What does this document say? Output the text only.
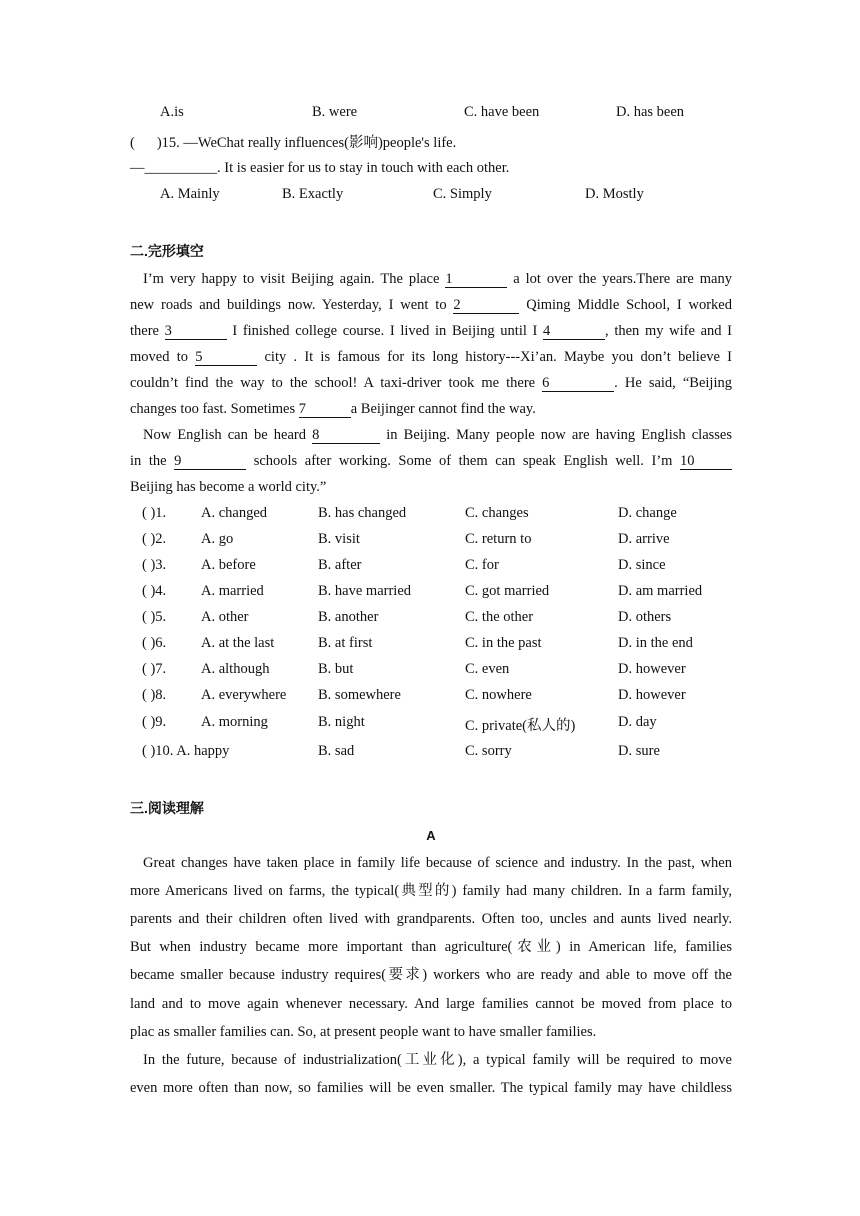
A.is	B. were	C. have been	D. has been
( )15. —WeChat really influences(影响)people's life.
—__________. It is easier for us to stay in touch with each other.
A. Mainly	B. Exactly	C. Simply	D. Mostly
二.完形填空
I’m very happy to visit Beijing again. The place 1	a lot over the years.There are many
new roads and buildings now. Yesterday, I went to 2	Qiming Middle School, I worked
there 3	I finished college course. I lived in Beijing until I 4	, then my wife and I
moved to 5	city . It is famous for its long history---Xi’an. Maybe you don’t believe I
couldn’t find the way to the school! A taxi-driver took me there 6	. He said, “Beijing
changes too fast. Sometimes 7	a Beijinger cannot find the way.
Now English can be heard 8	in Beijing. Many people now are having English classes
in the 9	schools after working. Some of them can speak English well. I’m 10
Beijing has become a world city.”
( )1. A. changed	B. has changed	C. changes	D. change
( )2. A. go	B. visit	C. return to	D. arrive
( )3. A. before	B. after	C. for	D. since
( )4. A. married	B. have married	C. got married	D. am married
( )5. A. other	B. another	C. the other	D. others
( )6. A. at the last	B. at first	C. in the past	D. in the end
( )7. A. although	B. but	C. even	D. however
( )8. A. everywhere B. somewhere	C. nowhere	D. however
( )9. A. morning	B. night	C. private(私人的)	D. day
( )10. A. happy	B. sad	C. sorry	D. sure
三.阅读理解
A
Great changes have taken place in family life because of science and industry. In the past, when
more Americans lived on farms, the typical(典型的) family had many children. In a farm family,
parents and their children often lived with grandparents. Often too, uncles and aunts lived nearly.
But when industry became more important than agriculture(农业) in American life, families
became smaller because industry requires(要求) workers who are ready and able to move off the
land and to move again whenever necessary. And large families cannot be moved from place to
plac as smaller families can. So, at present people want to have smaller families.
In the future, because of industrialization(工业化), a typical family will be required to move
even more often than now, so families will be even smaller. The typical family may have childless
